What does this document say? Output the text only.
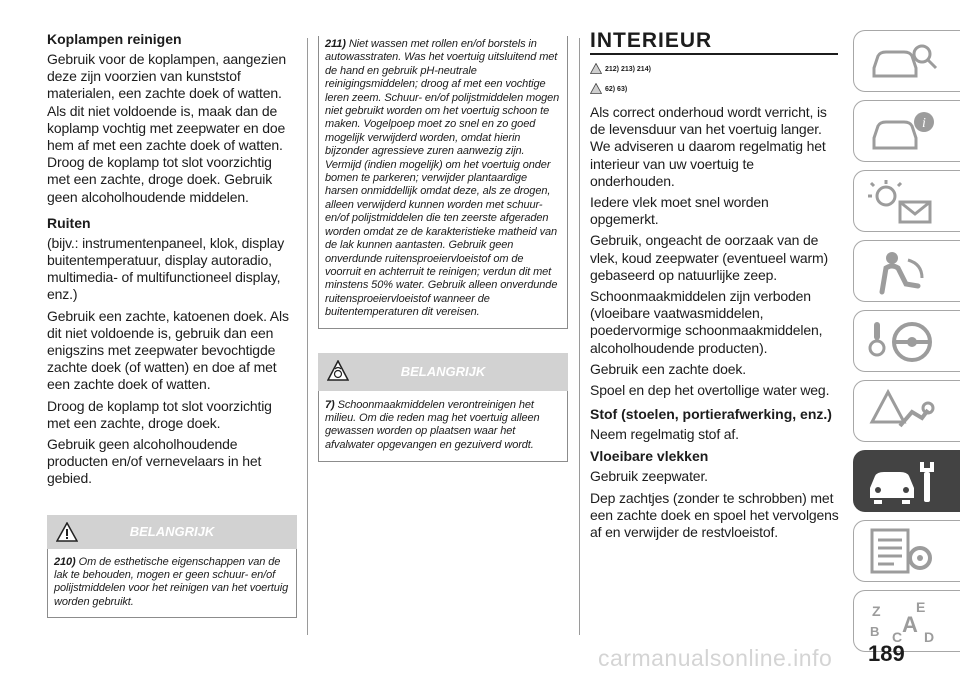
Koplampen reinigen

Gebruik voor de koplampen, aangezien deze zijn voorzien van kunststof materialen, een zachte doek of watten. Als dit niet voldoende is, maak dan de koplamp vochtig met zeepwater en doe hem af met een zachte doek of watten. Droog de koplamp tot slot voorzichtig met een zachte, droge doek. Gebruik geen alcoholhoudende middelen.

Ruiten

(bijv.: instrumentenpaneel, klok, display buitentemperatuur, display autoradio, multimedia- of multifunctioneel display, enz.)

Gebruik een zachte, katoenen doek. Als dit niet voldoende is, gebruik dan een enigszins met zeepwater bevochtigde zachte doek (of watten) en doe af met een zachte doek of watten.

Droog de koplamp tot slot voorzichtig met een zachte, droge doek.

Gebruik geen alcoholhoudende producten en/of vernevelaars in het gebied.

BELANGRIJK
210) Om de esthetische eigenschappen van de lak te behouden, mogen er geen schuur- en/of polijstmiddelen voor het reinigen van het voertuig worden gebruikt.
211) Niet wassen met rollen en/of borstels in autowasstraten. Was het voertuig uitsluitend met de hand en gebruik pH-neutrale reinigingsmiddelen; droog af met een vochtige leren zeem. Schuur- en/of polijstmiddelen mogen niet gebruikt worden om het voertuig schoon te maken. Vogelpoep moet zo snel en zo goed mogelijk verwijderd worden, omdat hierin bijzonder agressieve zuren aanwezig zijn. Vermijd (indien mogelijk) om het voertuig onder bomen te parkeren; verwijder plantaardige harsen onmiddellijk omdat deze, als ze drogen, alleen verwijderd kunnen worden met schuur- en/of polijstmiddelen die ten zeerste afgeraden worden omdat ze de karakteristieke matheid van de lak kunnen aantasten. Gebruik geen onverdunde ruitensproeiervloeistof om de voorruit en achterruit te reinigen; verdun dit met minstens 50% water. Gebruik alleen onverdunde ruitensproeiervloeistof wanneer de buitentemperaturen dit vereisen.
BELANGRIJK
7) Schoonmaakmiddelen verontreinigen het milieu. Om die reden mag het voertuig alleen gewassen worden op plaatsen waar het afvalwater opgevangen en gezuiverd wordt.
INTERIEUR
212) 213) 214)
62) 63)

Als correct onderhoud wordt verricht, is de levensduur van het voertuig langer. We adviseren u daarom regelmatig het interieur van uw voertuig te onderhouden.

Iedere vlek moet snel worden opgemerkt.

Gebruik, ongeacht de oorzaak van de vlek, koud zeepwater (eventueel warm) gebaseerd op natuurlijke zeep.

Schoonmaakmiddelen zijn verboden (vloeibare vaatwasmiddelen, poedervormige schoonmaakmiddelen, alcoholhoudende producten).

Gebruik een zachte doek.

Spoel en dep het overtollige water weg.

Stof (stoelen, portierafwerking, enz.)

Neem regelmatig stof af.

Vloeibare vlekken

Gebruik zeepwater.

Dep zachtjes (zonder te schrobben) met een zachte doek en spoel het vervolgens af en verwijder de restvloeistof.

i
Z	E
B C A D
carmanualsonline.info 189
